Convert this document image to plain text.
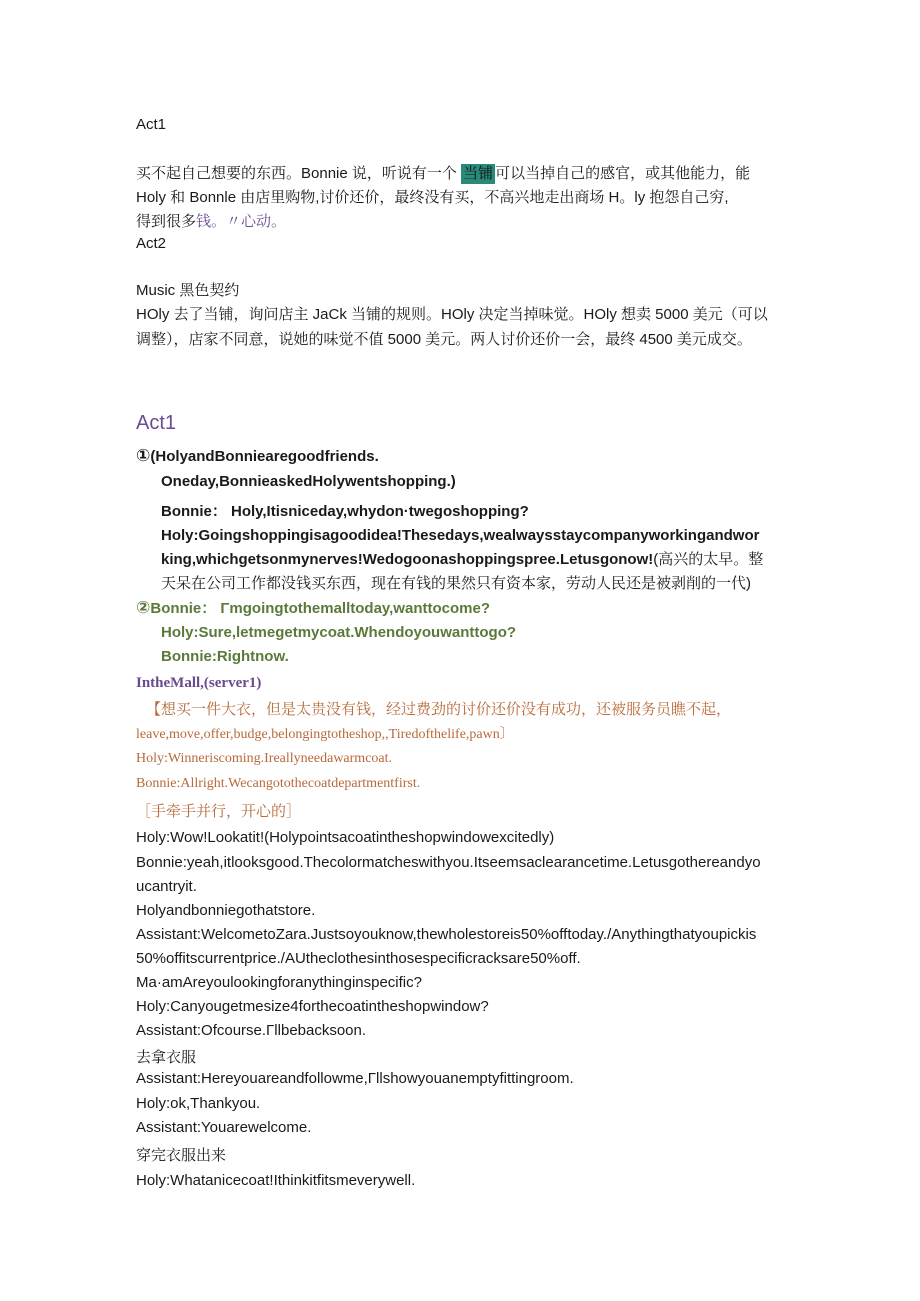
Act1
买不起自己想要的东西。Bonnie 说，听说有一个 当铺 可以当掉自己的感官，或其他能力，能
Holy 和 Bonnle 由店里购物,讨价还价，最终没有买，不高兴地走出商场 H。ly 抱怨自己穷,
得到很多钱。〃心动。
Act2
Music 黑色契约
HOly 去了当铺，询问店主 JaCk 当铺的规则。HOly 决定当掉味觉。HOly 想卖 5000 美元（可以
调整），店家不同意，说她的味觉不值 5000 美元。两人讨价还价一会，最终 4500 美元成交。
Act1
①(HolyandBonniearegoodfriends.
Oneday,BonnieaskedHolywentshopping.)
Bonnie： Holy,Itisniceday,whydon·twegoshopping?
Holy:Goingshoppingisagoodidea!Thesedays,wealwaysstaycompanyworkingandwor
king,whichgetsonmynerves!Wedogoonashoppingspree.Letusgonow!(高兴的太早。整
天呆在公司工作都没钱买东西，现在有钱的果然只有资本家，劳动人民还是被剥削的一代)
②Bonnie： Γmgoingtothemalltoday,wanttocome?
Holy:Sure,letmegetmycoat.Whendoyouwanttogo?
Bonnie:Rightnow.
IntheMall,(server1)
【想买一件大衣，但是太贵没有钱，经过费劲的讨价还价没有成功，还被服务员瞧不起，
leave,move,offer,budge,belongingtotheshop,,Tiredofthelife,pawn〕
Holy:Winneriscoming.Ireallyneedawarmcoat.
Bonnie:Allright.Wecangotothecoatdepartmentfirst.
［手牵手并行，开心的］
Holy:Wow!Lookatit!(Holypointsacoatintheshopwindowexcitedly)
Bonnie:yeah,itlooksgood.Thecolormatcheswithyou.Itseemsaclearancetime.Letusgothereandyo
ucantryit.
Holyandbonniegothatstore.
Assistant:WelcometoZara.Justsoyouknow,thewholestoreis50%offtoday./Anythingthatyoupickis
50%offitscurrentprice./AUtheclothesinthosespecificracksare50%off.
Ma·amAreyoulookingforanythinginspecific?
Holy:Canyougetmesize4forthecoatintheshopwindow?
Assistant:Ofcourse.Γllbebacksoon.
去拿衣服
Assistant:Hereyouareandfollowme,Γllshowyouanemptyfittingroom.
Holy:ok,Thankyou.
Assistant:Youarewelcome.
穿完衣服出来
Holy:Whatanicecoat!Ithinkitfitsmeverywell.
